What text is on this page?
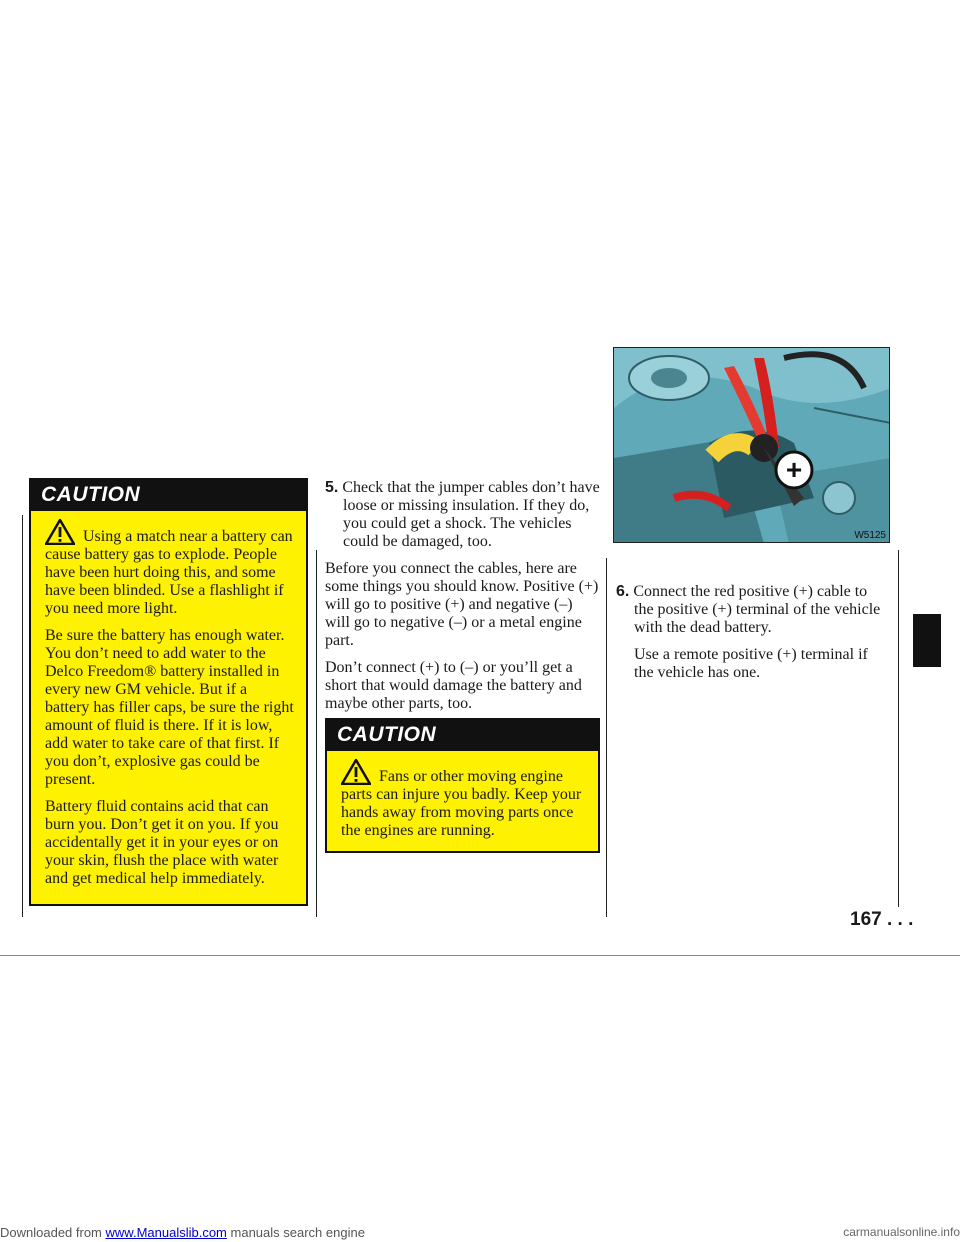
CAUTION

Using a match near a battery can cause battery gas to explode. People have been hurt doing this, and some have been blinded. Use a flashlight if you need more light.

Be sure the battery has enough water. You don’t need to add water to the Delco Freedom® battery installed in every new GM vehicle. But if a battery has filler caps, be sure the right amount of fluid is there. If it is low, add water to take care of that first. If you don’t, explosive gas could be present.

Battery fluid contains acid that can burn you. Don’t get it on you. If you accidentally get it in your eyes or on your skin, flush the place with water and get medical help immediately.

5. Check that the jumper cables don’t have loose or missing insulation. If they do, you could get a shock. The vehicles could be damaged, too.

Before you connect the cables, here are some things you should know. Positive (+) will go to positive (+) and negative (–) will go to negative (–) or a metal engine part.

Don’t connect (+) to (–) or you’ll get a short that would damage the battery and maybe other parts, too.

CAUTION

Fans or other moving engine parts can injure you badly. Keep your hands away from moving parts once the engines are running.

+
W5125

6. Connect the red positive (+) cable to the positive (+) terminal of the vehicle with the dead battery.

Use a remote positive (+) terminal if the vehicle has one.

167 . . .
Downloaded from www.Manualslib.com manuals search engine	carmanualsonline.info
